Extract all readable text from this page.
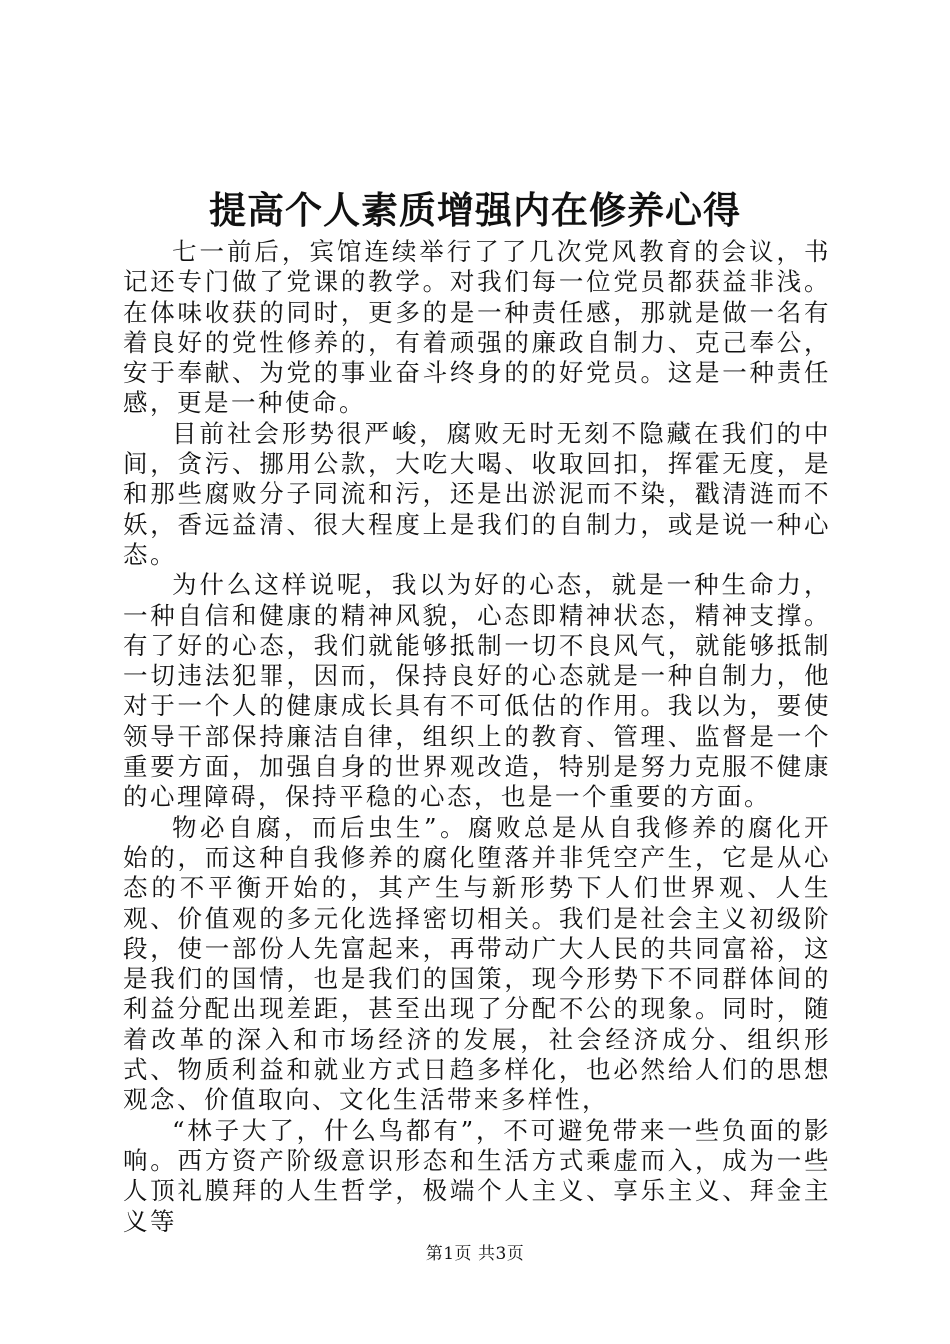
提高个人素质增强内在修养心得

七一前后，宾馆连续举行了了几次党风教育的会议，书记还专门做了党课的教学。对我们每一位党员都获益非浅。在体味收获的同时，更多的是一种责任感，那就是做一名有着良好的党性修养的，有着顽强的廉政自制力、克己奉公，安于奉献、为党的事业奋斗终身的的好党员。这是一种责任感，更是一种使命。

目前社会形势很严峻，腐败无时无刻不隐藏在我们的中间，贪污、挪用公款，大吃大喝、收取回扣，挥霍无度，是和那些腐败分子同流和污，还是出淤泥而不染，戳清涟而不妖，香远益清、很大程度上是我们的自制力，或是说一种心态。

为什么这样说呢，我以为好的心态，就是一种生命力，一种自信和健康的精神风貌，心态即精神状态，精神支撑。有了好的心态，我们就能够抵制一切不良风气，就能够抵制一切违法犯罪，因而，保持良好的心态就是一种自制力，他对于一个人的健康成长具有不可低估的作用。我以为，要使领导干部保持廉洁自律，组织上的教育、管理、监督是一个重要方面，加强自身的世界观改造，特别是努力克服不健康的心理障碍，保持平稳的心态，也是一个重要的方面。

物必自腐，而后虫生”。腐败总是从自我修养的腐化开始的，而这种自我修养的腐化堕落并非凭空产生，它是从心态的不平衡开始的，其产生与新形势下人们世界观、人生观、价值观的多元化选择密切相关。我们是社会主义初级阶段，使一部份人先富起来，再带动广大人民的共同富裕，这是我们的国情，也是我们的国策，现今形势下不同群体间的利益分配出现差距，甚至出现了分配不公的现象。同时，随着改革的深入和市场经济的发展，社会经济成分、组织形式、物质利益和就业方式日趋多样化，也必然给人们的思想观念、价值取向、文化生活带来多样性，

“林子大了，什么鸟都有”，不可避免带来一些负面的影响。西方资产阶级意识形态和生活方式乘虚而入，成为一些人顶礼膜拜的人生哲学，极端个人主义、享乐主义、拜金主义等

第1页 共3页
